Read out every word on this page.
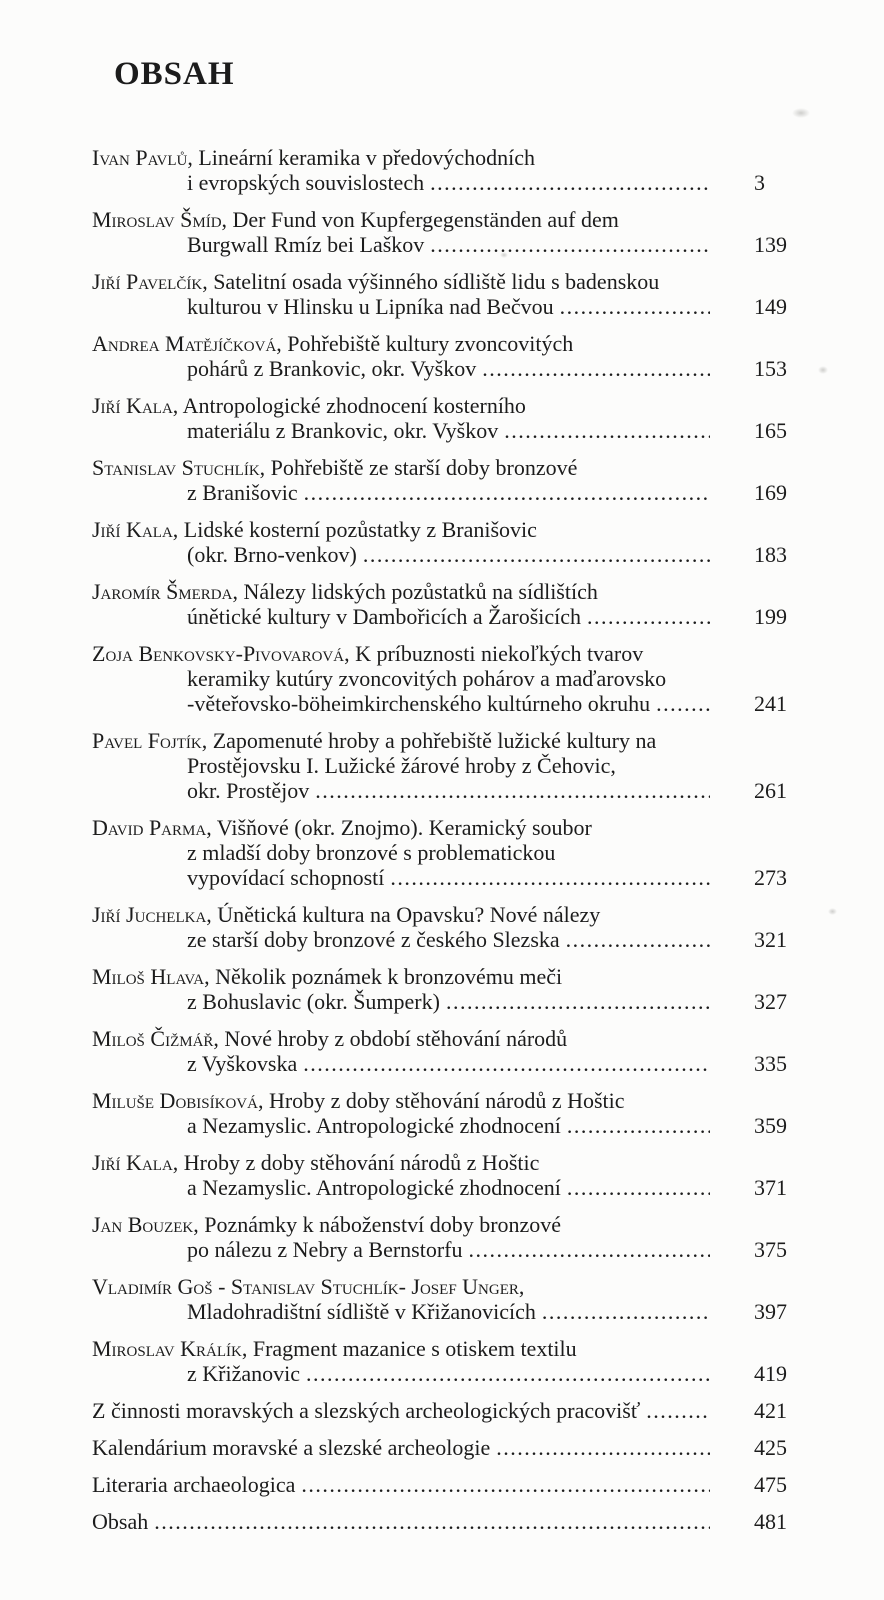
OBSAH
Ivan Pavlů, Lineární keramika v předovýchodních
i evropských souvislostech .....	3
Miroslav Šmíd, Der Fund von Kupfergegenständen auf dem
Burgwall Rmíz bei Laškov .....	139
Jiří Pavelčík, Satelitní osada výšinného sídliště lidu s badenskou
kulturou v Hlinsku u Lipníka nad Bečvou .....	149
Andrea Matějíčková, Pohřebiště kultury zvoncovitých
pohárů z Brankovic, okr. Vyškov .....	153
Jiří Kala, Antropologické zhodnocení kosterního
materiálu z Brankovic, okr. Vyškov .....	165
Stanislav Stuchlík, Pohřebiště ze starší doby bronzové
z Branišovic .....	169
Jiří Kala, Lidské kosterní pozůstatky z Branišovic
(okr. Brno-venkov) .....	183
Jaromír Šmerda, Nálezy lidských pozůstatků na sídlištích
únětické kultury v Dambořicích a Žarošicích .....	199
Zoja Benkovsky-Pivovarová, K príbuznosti niekoľkých tvarov
keramiky kutúry zvoncovitých pohárov a maďarovsko
-věteřovsko-böheimkirchenského kultúrneho okruhu .....	241
Pavel Fojtík, Zapomenuté hroby a pohřebiště lužické kultury na
Prostějovsku I. Lužické žárové hroby z Čehovic,
okr. Prostějov .....	261
David Parma, Višňové (okr. Znojmo). Keramický soubor
z mladší doby bronzové s problematickou
vypovídací schopností .....	273
Jiří Juchelka, Únětická kultura na Opavsku? Nové nálezy
ze starší doby bronzové z českého Slezska .....	321
Miloš Hlava, Několik poznámek k bronzovému meči
z Bohuslavic (okr. Šumperk) .....	327
Miloš Čižmář, Nové hroby z období stěhování národů
z Vyškovska .....	335
Miluše Dobisíková, Hroby z doby stěhování národů z Hoštic
a Nezamyslic. Antropologické zhodnocení .....	359
Jiří Kala, Hroby z doby stěhování národů z Hoštic
a Nezamyslic. Antropologické zhodnocení .....	371
Jan Bouzek, Poznámky k náboženství doby bronzové
po nálezu z Nebry a Bernstorfu .....	375
Vladimír Goš - Stanislav Stuchlík- Josef Unger,
Mladohradištní sídliště v Křižanovicích .....	397
Miroslav Králík, Fragment mazanice s otiskem textilu
z Křižanovic .....	419
Z činnosti moravských a slezských archeologických pracovišť .....	421
Kalendárium moravské a slezské archeologie .....	425
Literaria archaeologica .....	475
Obsah .....	481
